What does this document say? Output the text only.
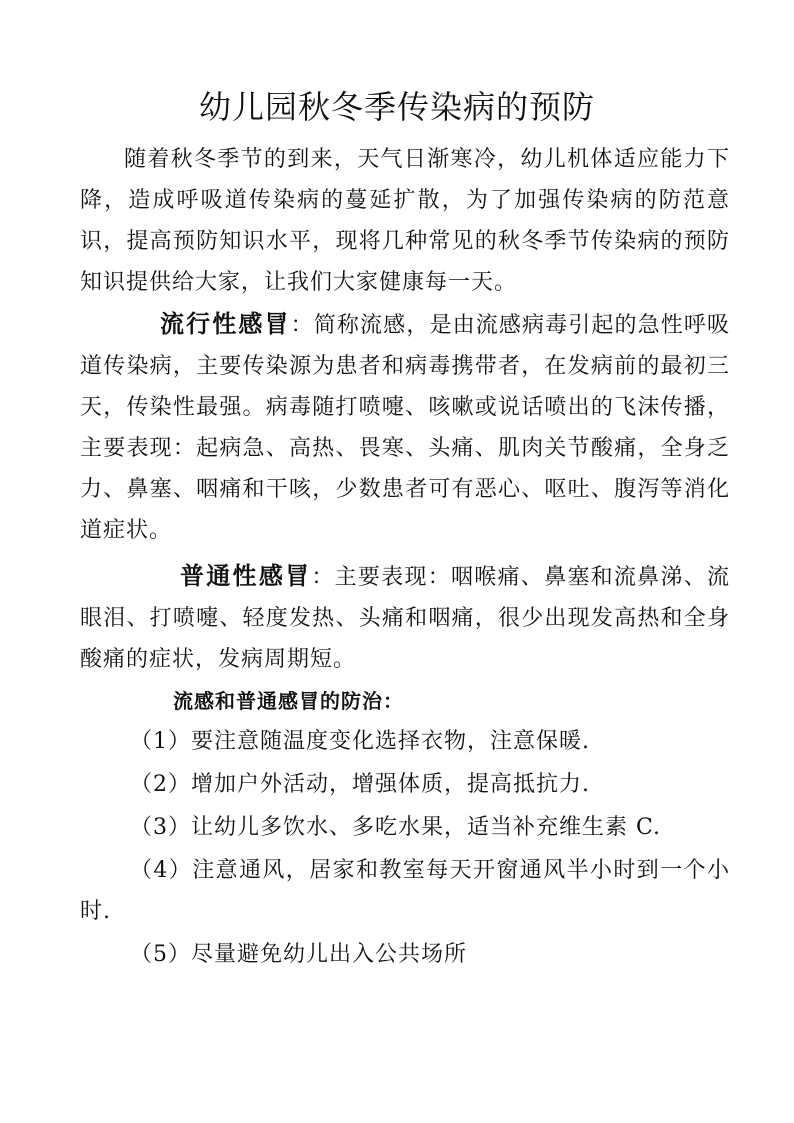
幼儿园秋冬季传染病的预防

随着秋冬季节的到来，天气日渐寒冷，幼儿机体适应能力下降，造成呼吸道传染病的蔓延扩散，为了加强传染病的防范意识，提高预防知识水平，现将几种常见的秋冬季节传染病的预防知识提供给大家，让我们大家健康每一天。

流行性感冒：简称流感，是由流感病毒引起的急性呼吸道传染病，主要传染源为患者和病毒携带者，在发病前的最初三天，传染性最强。病毒随打喷嚏、咳嗽或说话喷出的飞沫传播，主要表现：起病急、高热、畏寒、头痛、肌肉关节酸痛，全身乏力、鼻塞、咽痛和干咳，少数患者可有恶心、呕吐、腹泻等消化道症状。

普通性感冒：主要表现：咽喉痛、鼻塞和流鼻涕、流眼泪、打喷嚏、轻度发热、头痛和咽痛，很少出现发高热和全身酸痛的症状，发病周期短。

流感和普通感冒的防治：
（1）要注意随温度变化选择衣物，注意保暖.
（2）增加户外活动，增强体质，提高抵抗力.
（3）让幼儿多饮水、多吃水果，适当补充维生素 C.
（4）注意通风，居家和教室每天开窗通风半小时到一个小时.
（5）尽量避免幼儿出入公共场所
